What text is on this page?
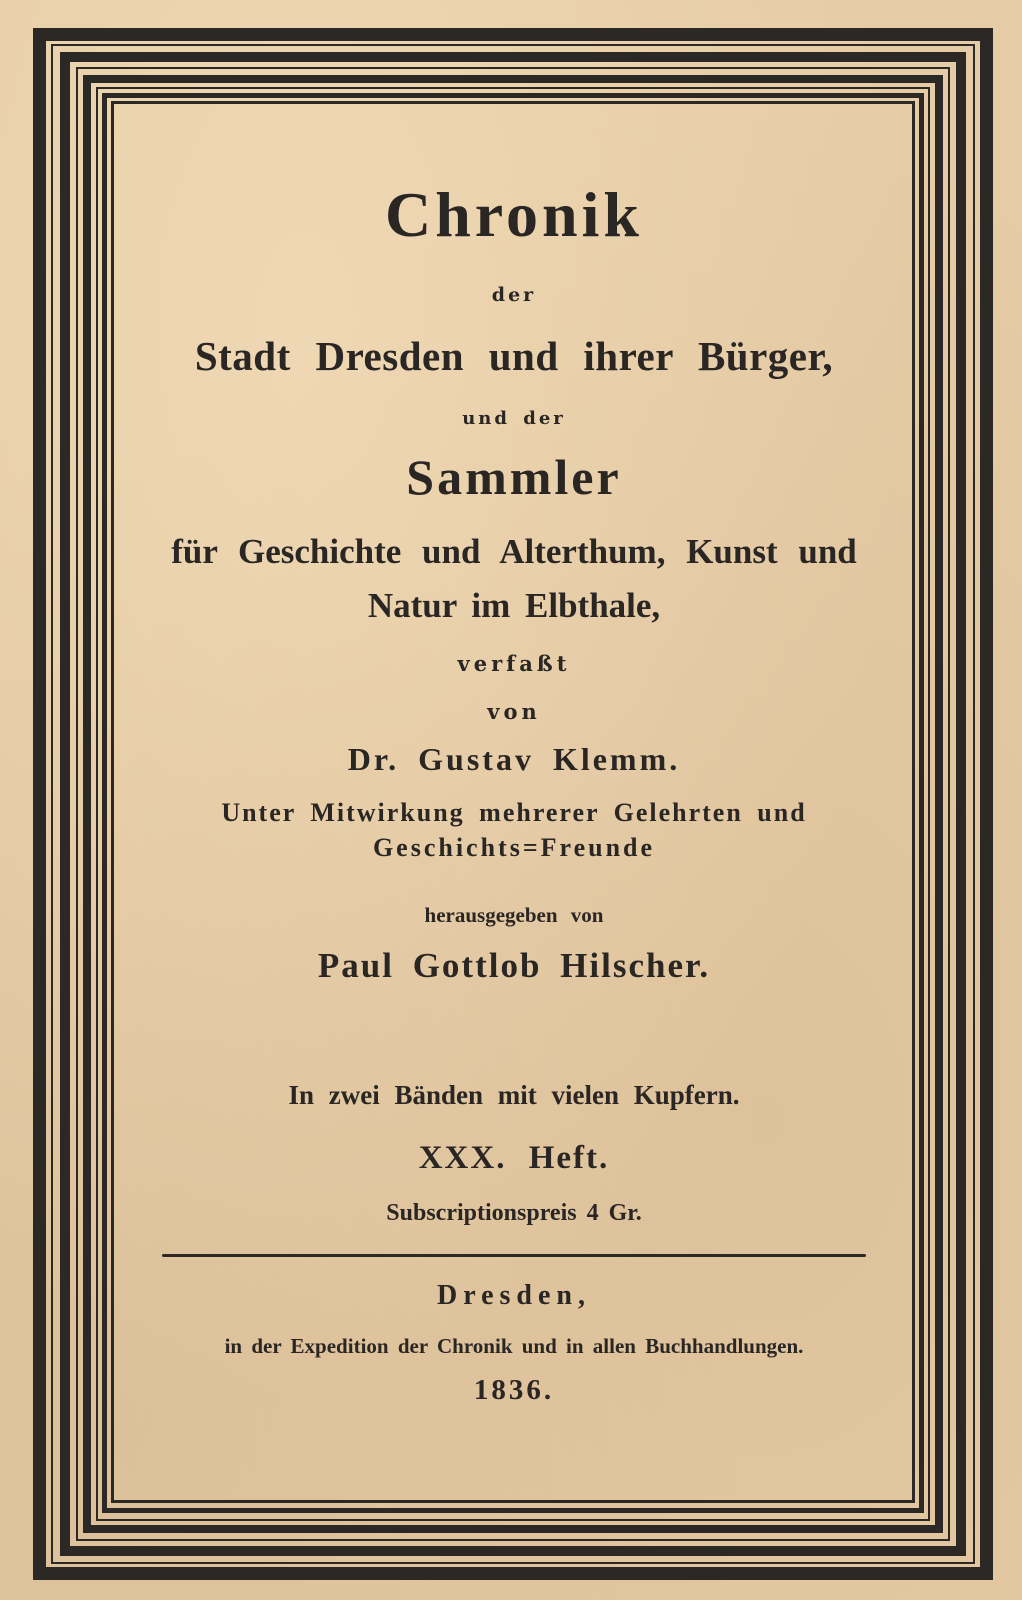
Chronik
der
Stadt Dresden und ihrer Bürger,
und der
Sammler
für Geschichte und Alterthum, Kunst und
Natur im Elbthale,
verfaßt
von
Dr. Gustav Klemm.
Unter Mitwirkung mehrerer Gelehrten und
Geschichts=Freunde
herausgegeben von
Paul Gottlob Hilscher.
In zwei Bänden mit vielen Kupfern.
XXX. Heft.
Subscriptionspreis 4 Gr.
Dresden,
in der Expedition der Chronik und in allen Buchhandlungen.
1836.
